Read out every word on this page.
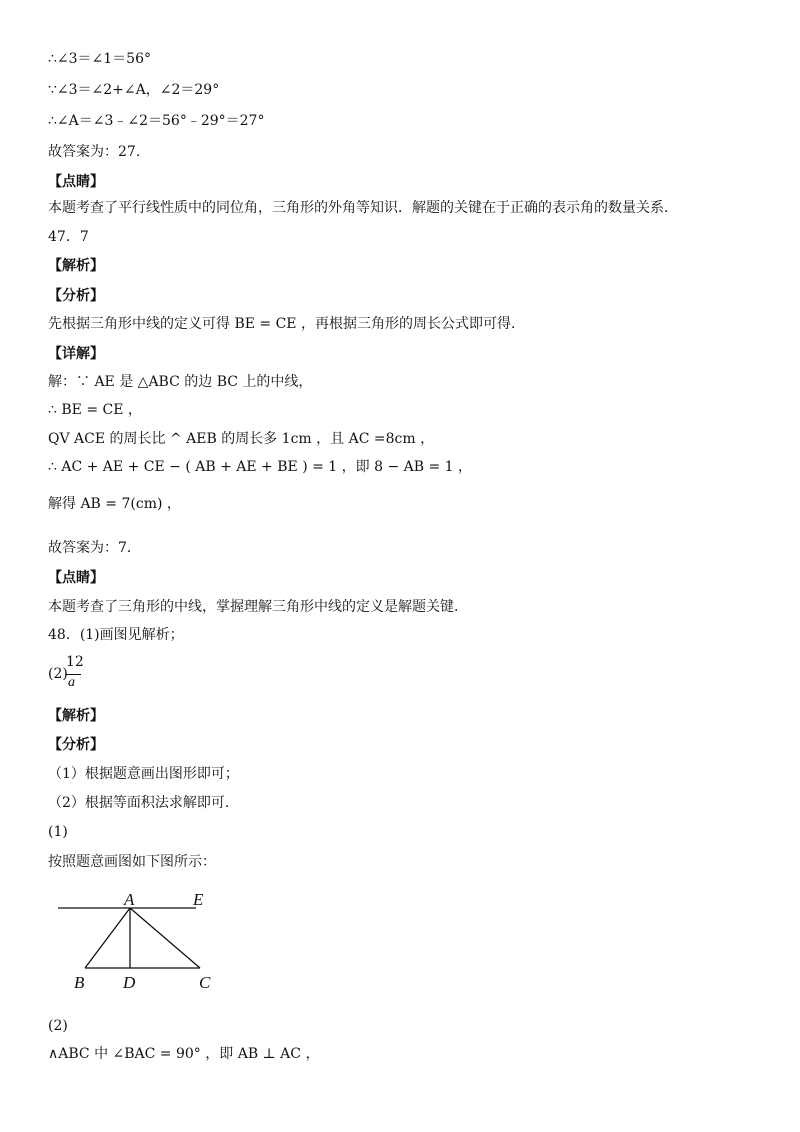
∴∠3＝∠1＝56°
∵∠3＝∠2+∠A，∠2＝29°
∴∠A＝∠3﹣∠2＝56°﹣29°＝27°
故答案为：27.
【点睛】
本题考查了平行线性质中的同位角，三角形的外角等知识．解题的关键在于正确的表示角的数量关系．
47．7
【解析】
【分析】
先根据三角形中线的定义可得 BE = CE ，再根据三角形的周长公式即可得．
【详解】
解：∵ AE 是 △ABC 的边 BC 上的中线，
∴ BE = CE ，
QV ACE 的周长比 ^ AEB 的周长多 1cm ，且 AC =8cm ，
∴ AC + AE + CE − ( AB + AE + BE ) = 1 ，即 8 − AB = 1 ，
解得 AB = 7(cm) ，
故答案为：7．
【点睛】
本题考查了三角形的中线，掌握理解三角形中线的定义是解题关键．
48．(1)画图见解析；
(2)
12
a
【解析】
【分析】
（1）根据题意画出图形即可；
（2）根据等面积法求解即可．
(1)
按照题意画图如下图所示：
A	E
B D	C
(2)
∧ABC 中 ∠BAC = 90° ，即 AB ⊥ AC ，
